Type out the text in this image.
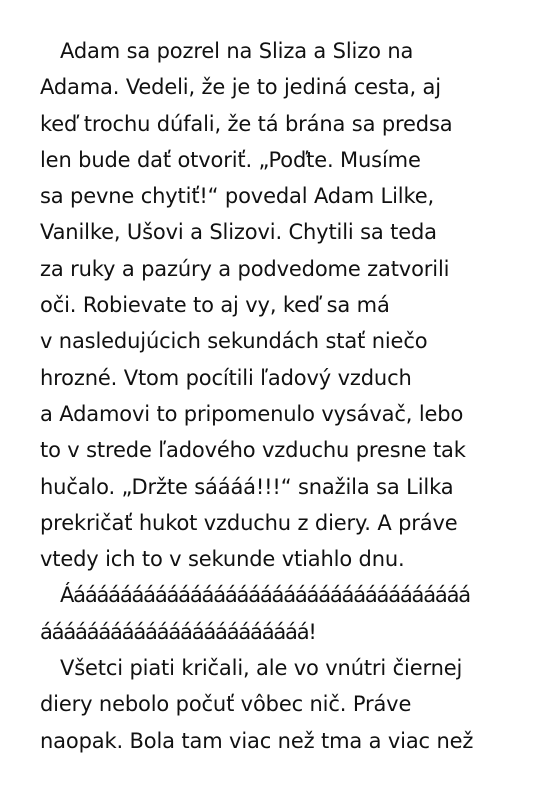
Adam sa pozrel na Sliza a Slizo na
Adama. Vedeli, že je to jediná cesta, aj
keď trochu dúfali, že tá brána sa predsa
len bude dať otvoriť. „Poďte. Musíme
sa pevne chytiť!“ povedal Adam Lilke,
Vanilke, Ušovi a Slizovi. Chytili sa teda
za ruky a pazúry a podvedome zatvorili
oči. Robievate to aj vy, keď sa má
v nasledujúcich sekundách stať niečo
hrozné. Vtom pocítili ľadový vzduch
a Adamovi to pripomenulo vysávač, lebo
to v strede ľadového vzduchu presne tak
hučalo. „Držte sáááá!!!“ snažila sa Lilka
prekričať hukot vzduchu z diery. A práve
vtedy ich to v sekunde vtiahlo dnu.
Ááááááááááááááááááááááááááááááááááá
ááááááááááááááááááááááá!
Všetci piati kričali, ale vo vnútri čiernej
diery nebolo počuť vôbec nič. Práve
naopak. Bola tam viac než tma a viac než
